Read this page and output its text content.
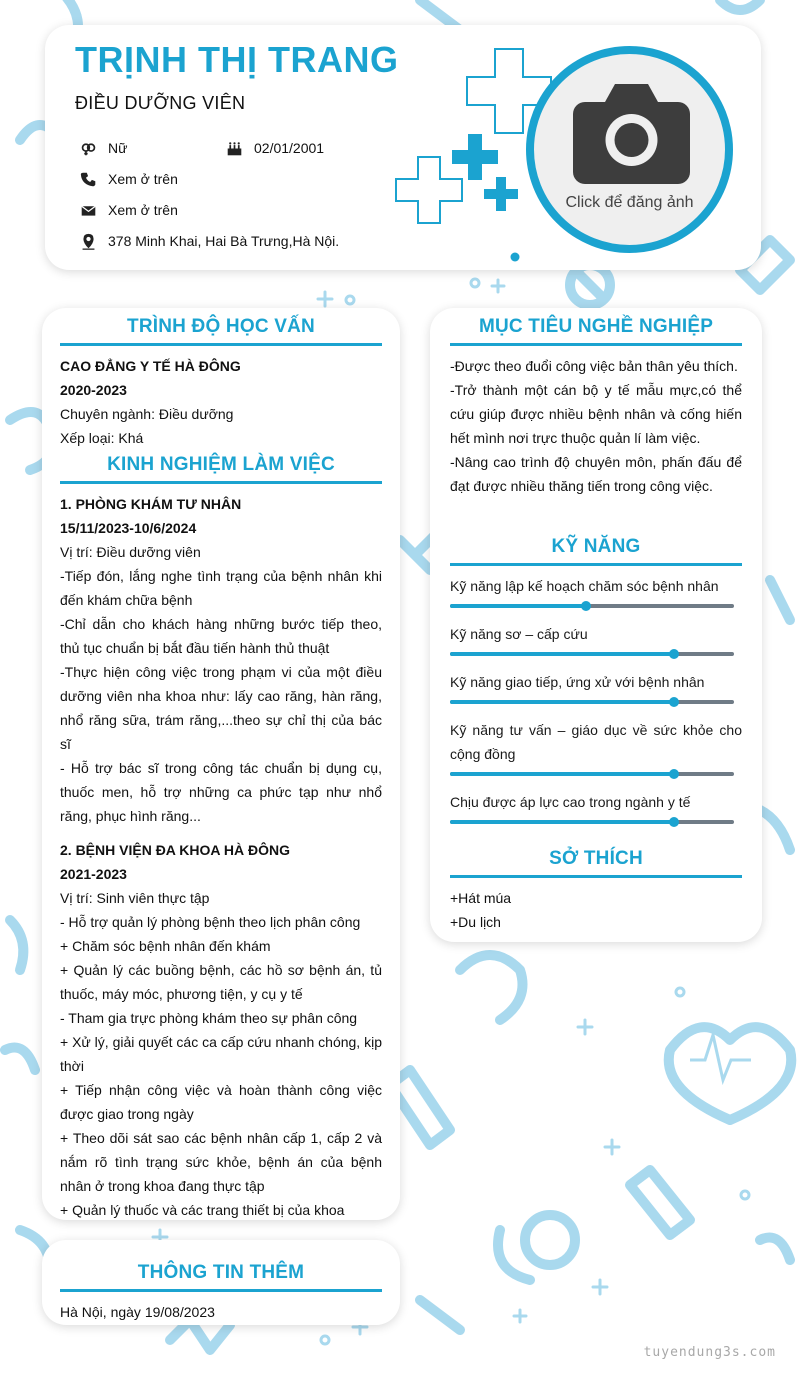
TRỊNH THỊ TRANG

ĐIỀU DƯỠNG VIÊN

Nữ	02/01/2001
Xem ở trên
Xem ở trên
378 Minh Khai, Hai Bà Trưng,Hà Nội.
Click để đăng ảnh
TRÌNH ĐỘ HỌC VẤN

CAO ĐẲNG Y TẾ HÀ ĐÔNG

2020-2023

Chuyên ngành: Điều dưỡng

Xếp loại: Khá

KINH NGHIỆM LÀM VIỆC

1. PHÒNG KHÁM TƯ NHÂN

15/11/2023-10/6/2024

Vị trí: Điều dưỡng viên

-Tiếp đón, lắng nghe tình trạng của bệnh nhân khi đến khám chữa bệnh

-Chỉ dẫn cho khách hàng những bước tiếp theo, thủ tục chuẩn bị bắt đầu tiến hành thủ thuật

-Thực hiện công việc trong phạm vi của một điều dưỡng viên nha khoa như: lấy cao răng, hàn răng, nhổ răng sữa, trám răng,...theo sự chỉ thị của bác sĩ

- Hỗ trợ bác sĩ trong công tác chuẩn bị dụng cụ, thuốc men, hỗ trợ những ca phức tạp như nhổ răng, phục hình răng...

2. BỆNH VIỆN ĐA KHOA HÀ ĐÔNG

2021-2023

Vị trí: Sinh viên thực tập

- Hỗ trợ quản lý phòng bệnh theo lịch phân công

+ Chăm sóc bệnh nhân đến khám

+ Quản lý các buồng bệnh, các hồ sơ bệnh án, tủ thuốc, máy móc, phương tiện, y cụ y tế

- Tham gia trực phòng khám theo sự phân công

+ Xử lý, giải quyết các ca cấp cứu nhanh chóng, kịp thời

+ Tiếp nhận công việc và hoàn thành công việc được giao trong ngày

+ Theo dõi sát sao các bệnh nhân cấp 1, cấp 2 và nắm rõ tình trạng sức khỏe, bệnh án của bệnh nhân ở trong khoa đang thực tập

+ Quản lý thuốc và các trang thiết bị của khoa

MỤC TIÊU NGHỀ NGHIỆP

-Được theo đuổi công việc bản thân yêu thích.

-Trở thành một cán bộ y tế mẫu mực,có thể cứu giúp được nhiều bệnh nhân và cống hiến hết mình nơi trực thuộc quản lí làm việc.

-Nâng cao trình độ chuyên môn, phấn đấu để đạt được nhiều thăng tiến trong công việc.

KỸ NĂNG

Kỹ năng lập kế hoạch chăm sóc bệnh nhân

Kỹ năng sơ – cấp cứu

Kỹ năng giao tiếp, ứng xử với bệnh nhân

Kỹ năng tư vấn – giáo dục về sức khỏe cho cộng đồng

Chịu được áp lực cao trong ngành y tế

SỞ THÍCH

+Hát múa

+Du lịch

THÔNG TIN THÊM

Hà Nội, ngày 19/08/2023

tuyendung3s.com
